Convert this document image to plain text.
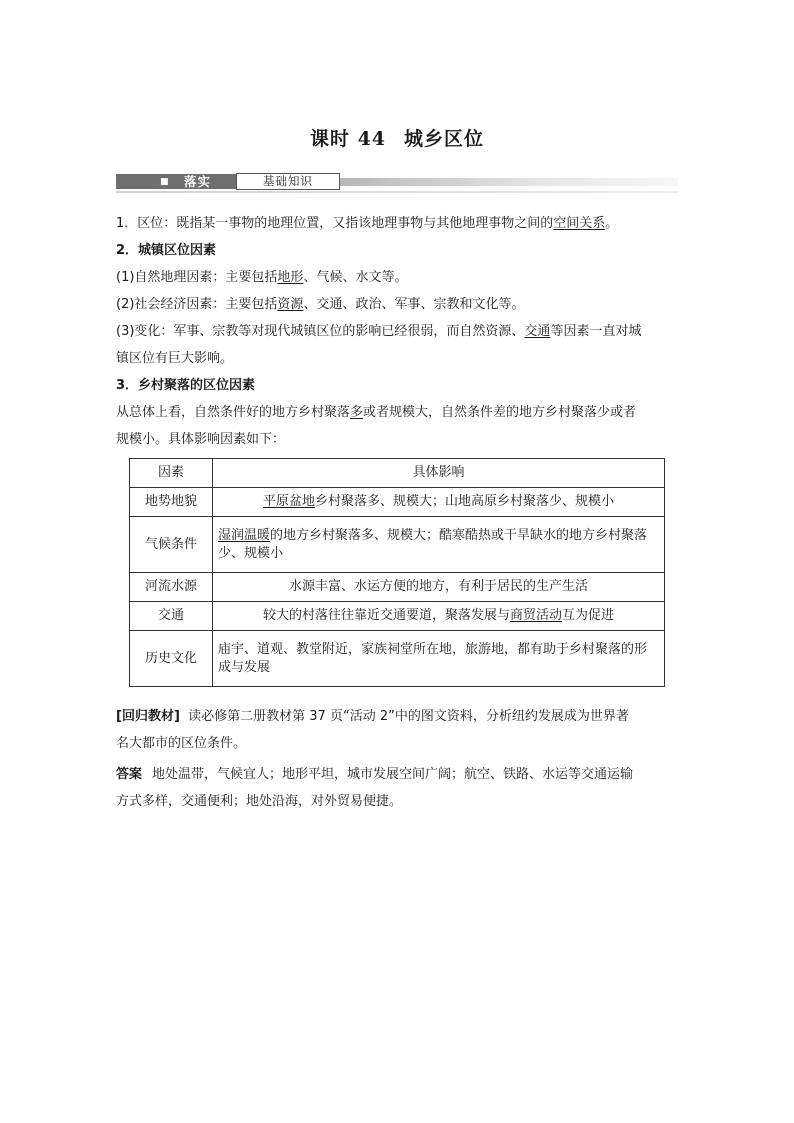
课时 44 城乡区位
■ 落实	基础知识
1．区位：既指某一事物的地理位置，又指该地理事物与其他地理事物之间的空间关系。
2．城镇区位因素
(1)自然地理因素：主要包括地形、气候、水文等。
(2)社会经济因素：主要包括资源、交通、政治、军事、宗教和文化等。
(3)变化：军事、宗教等对现代城镇区位的影响已经很弱，而自然资源、交通等因素一直对城
镇区位有巨大影响。
3．乡村聚落的区位因素
从总体上看，自然条件好的地方乡村聚落多或者规模大，自然条件差的地方乡村聚落少或者
规模小。具体影响因素如下：
因素	具体影响
地势地貌	平原盆地乡村聚落多、规模大；山地高原乡村聚落少、规模小
气候条件	湿润温暖的地方乡村聚落多、规模大；酷寒酷热或干旱缺水的地方乡村聚落少、规模小
河流水源	水源丰富、水运方便的地方，有利于居民的生产生活
交通	较大的村落往往靠近交通要道，聚落发展与商贸活动互为促进
历史文化	庙宇、道观、教堂附近，家族祠堂所在地，旅游地，都有助于乡村聚落的形成与发展
[回归教材] 读必修第二册教材第 37 页“活动 2”中的图文资料，分析纽约发展成为世界著
名大都市的区位条件。
答案 地处温带，气候宜人；地形平坦，城市发展空间广阔；航空、铁路、水运等交通运输
方式多样，交通便利；地处沿海，对外贸易便捷。
